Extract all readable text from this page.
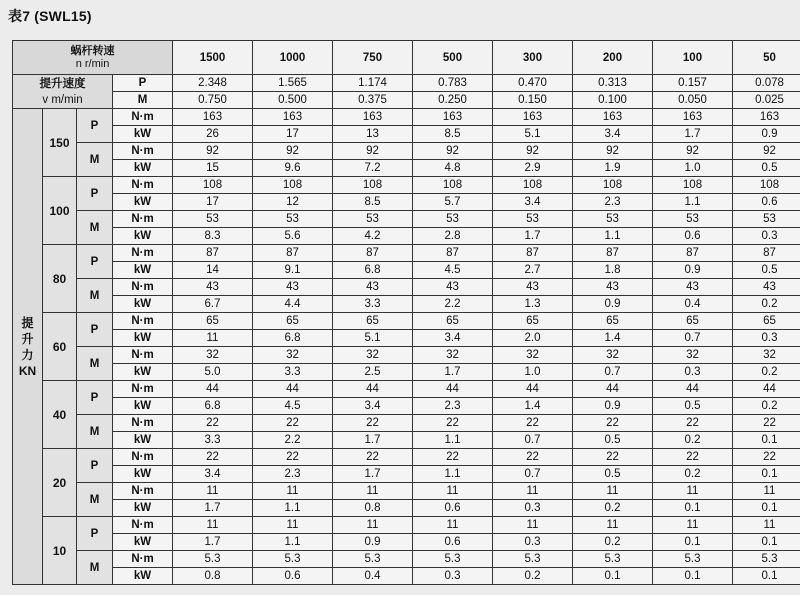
表7 (SWL15)
蜗杆转速
n r/min				1500	1000	750	500	300	200	100	50

提升速度
v m/min			P	2.348	1.565	1.174	0.783	0.470	0.313	0.157	0.078
			M	0.750	0.500	0.375	0.250	0.150	0.100	0.050	0.025

提
升
力
KN	150	P	N·m	163	163	163	163	163	163	163	163
			kW	26	17	13	8.5	5.1	3.4	1.7	0.9
		M	N·m	92	92	92	92	92	92	92	92
			kW	15	9.6	7.2	4.8	2.9	1.9	1.0	0.5
	100	P	N·m	108	108	108	108	108	108	108	108
			kW	17	12	8.5	5.7	3.4	2.3	1.1	0.6
		M	N·m	53	53	53	53	53	53	53	53
			kW	8.3	5.6	4.2	2.8	1.7	1.1	0.6	0.3
	80	P	N·m	87	87	87	87	87	87	87	87
			kW	14	9.1	6.8	4.5	2.7	1.8	0.9	0.5
		M	N·m	43	43	43	43	43	43	43	43
			kW	6.7	4.4	3.3	2.2	1.3	0.9	0.4	0.2
	60	P	N·m	65	65	65	65	65	65	65	65
			kW	11	6.8	5.1	3.4	2.0	1.4	0.7	0.3
		M	N·m	32	32	32	32	32	32	32	32
			kW	5.0	3.3	2.5	1.7	1.0	0.7	0.3	0.2
	40	P	N·m	44	44	44	44	44	44	44	44
			kW	6.8	4.5	3.4	2.3	1.4	0.9	0.5	0.2
		M	N·m	22	22	22	22	22	22	22	22
			kW	3.3	2.2	1.7	1.1	0.7	0.5	0.2	0.1
	20	P	N·m	22	22	22	22	22	22	22	22
			kW	3.4	2.3	1.7	1.1	0.7	0.5	0.2	0.1
		M	N·m	11	11	11	11	11	11	11	11
			kW	1.7	1.1	0.8	0.6	0.3	0.2	0.1	0.1
	10	P	N·m	11	11	11	11	11	11	11	11
			kW	1.7	1.1	0.9	0.6	0.3	0.2	0.1	0.1
		M	N·m	5.3	5.3	5.3	5.3	5.3	5.3	5.3	5.3
			kW	0.8	0.6	0.4	0.3	0.2	0.1	0.1	0.1
